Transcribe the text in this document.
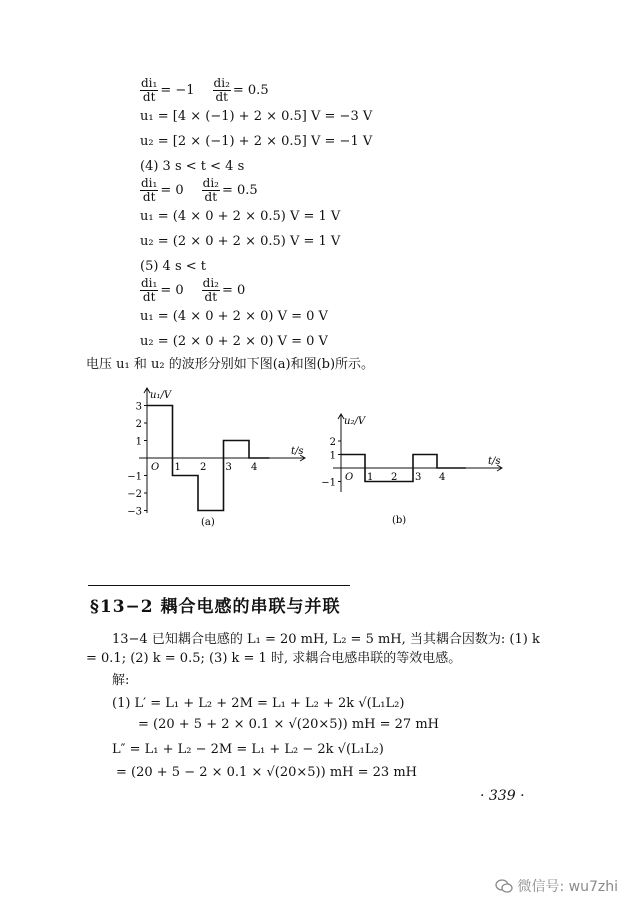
$\frac{\text{di₁}}{dt} = -1 \frac{\text{di₂}}{dt} = 0.5$
u₁ = [4 × (−1) + 2 × 0.5] V = −3 V
u₂ = [2 × (−1) + 2 × 0.5] V = −1 V
(4) 3 s < t < 4 s
$\frac{\text{di₁}}{dt} = 0 \frac{\text{di₂}}{dt} = 0.5$
u₁ = (4 × 0 + 2 × 0.5) V = 1 V
u₂ = (2 × 0 + 2 × 0.5) V = 1 V
(5) 4 s < t
$\frac{\text{di₁}}{dt} = 0 \frac{\text{di₂}}{dt} = 0$
u₁ = (4 × 0 + 2 × 0) V = 0 V
u₂ = (2 × 0 + 2 × 0) V = 0 V
电压 u₁ 和 u₂ 的波形分别如下图(a)和图(b)所示。
3
2
1
−1
−2
−3
O 1 2 3 4
u₁/V
t/s
(a)
2
1
−1 O 1 2 3 4
u₂/V
t/s
(b)
§13−2 耦合电感的串联与并联
13−4 已知耦合电感的 L₁ = 20 mH, L₂ = 5 mH, 当其耦合因数为: (1) k
= 0.1; (2) k = 0.5; (3) k = 1 时, 求耦合电感串联的等效电感。
解:
(1) L′ = L₁ + L₂ + 2M = L₁ + L₂ + 2k √(L₁L₂)
= (20 + 5 + 2 × 0.1 × √(20×5)) mH = 27 mH
L″ = L₁ + L₂ − 2M = L₁ + L₂ − 2k √(L₁L₂)
= (20 + 5 − 2 × 0.1 × √(20×5)) mH = 23 mH
· 339 ·
微信号: wu7zhi
